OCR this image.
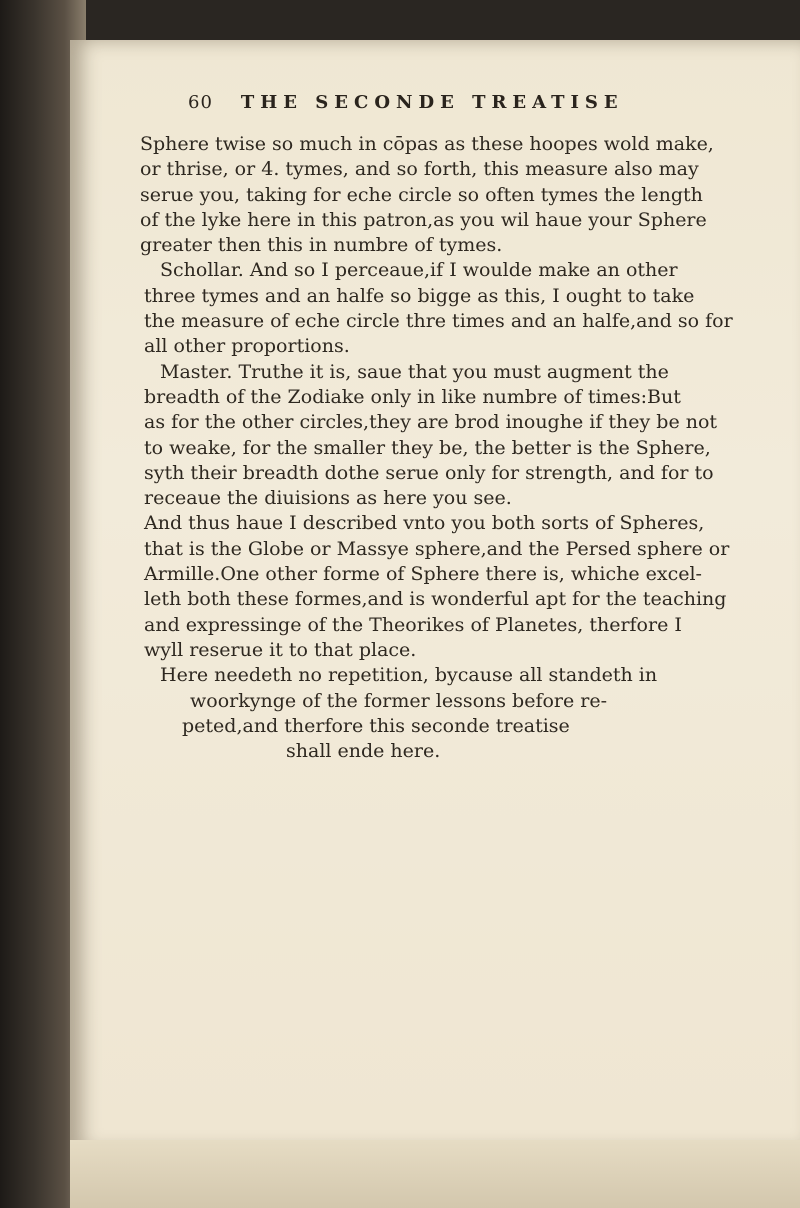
60 THE SECONDE TREATISE
Sphere twise so much in cōpas as these hoopes wold make,
or thrise, or 4. tymes, and so forth, this measure also may
serue you, taking for eche circle so often tymes the length
of the lyke here in this patron,as you wil haue your Sphere
greater then this in numbre of tymes.
Schollar. And so I perceaue,if I woulde make an other
three tymes and an halfe so bigge as this, I ought to take
the measure of eche circle thre times and an halfe,and so for
all other proportions.
Master. Truthe it is, saue that you must augment the
breadth of the Zodiake only in like numbre of times:But
as for the other circles,they are brod inoughe if they be not
to weake, for the smaller they be, the better is the Sphere,
syth their breadth dothe serue only for strength, and for to
receaue the diuisions as here you see.
And thus haue I described vnto you both sorts of Spheres,
that is the Globe or Massye sphere,and the Persed sphere or
Armille.One other forme of Sphere there is, whiche excel-
leth both these formes,and is wonderful apt for the teaching
and expressinge of the Theorikes of Planetes, therfore I
wyll reserue it to that place.
Here needeth no repetition, bycause all standeth in
woorkynge of the former lessons before re-
peted,and therfore this seconde treatise
shall ende here.
